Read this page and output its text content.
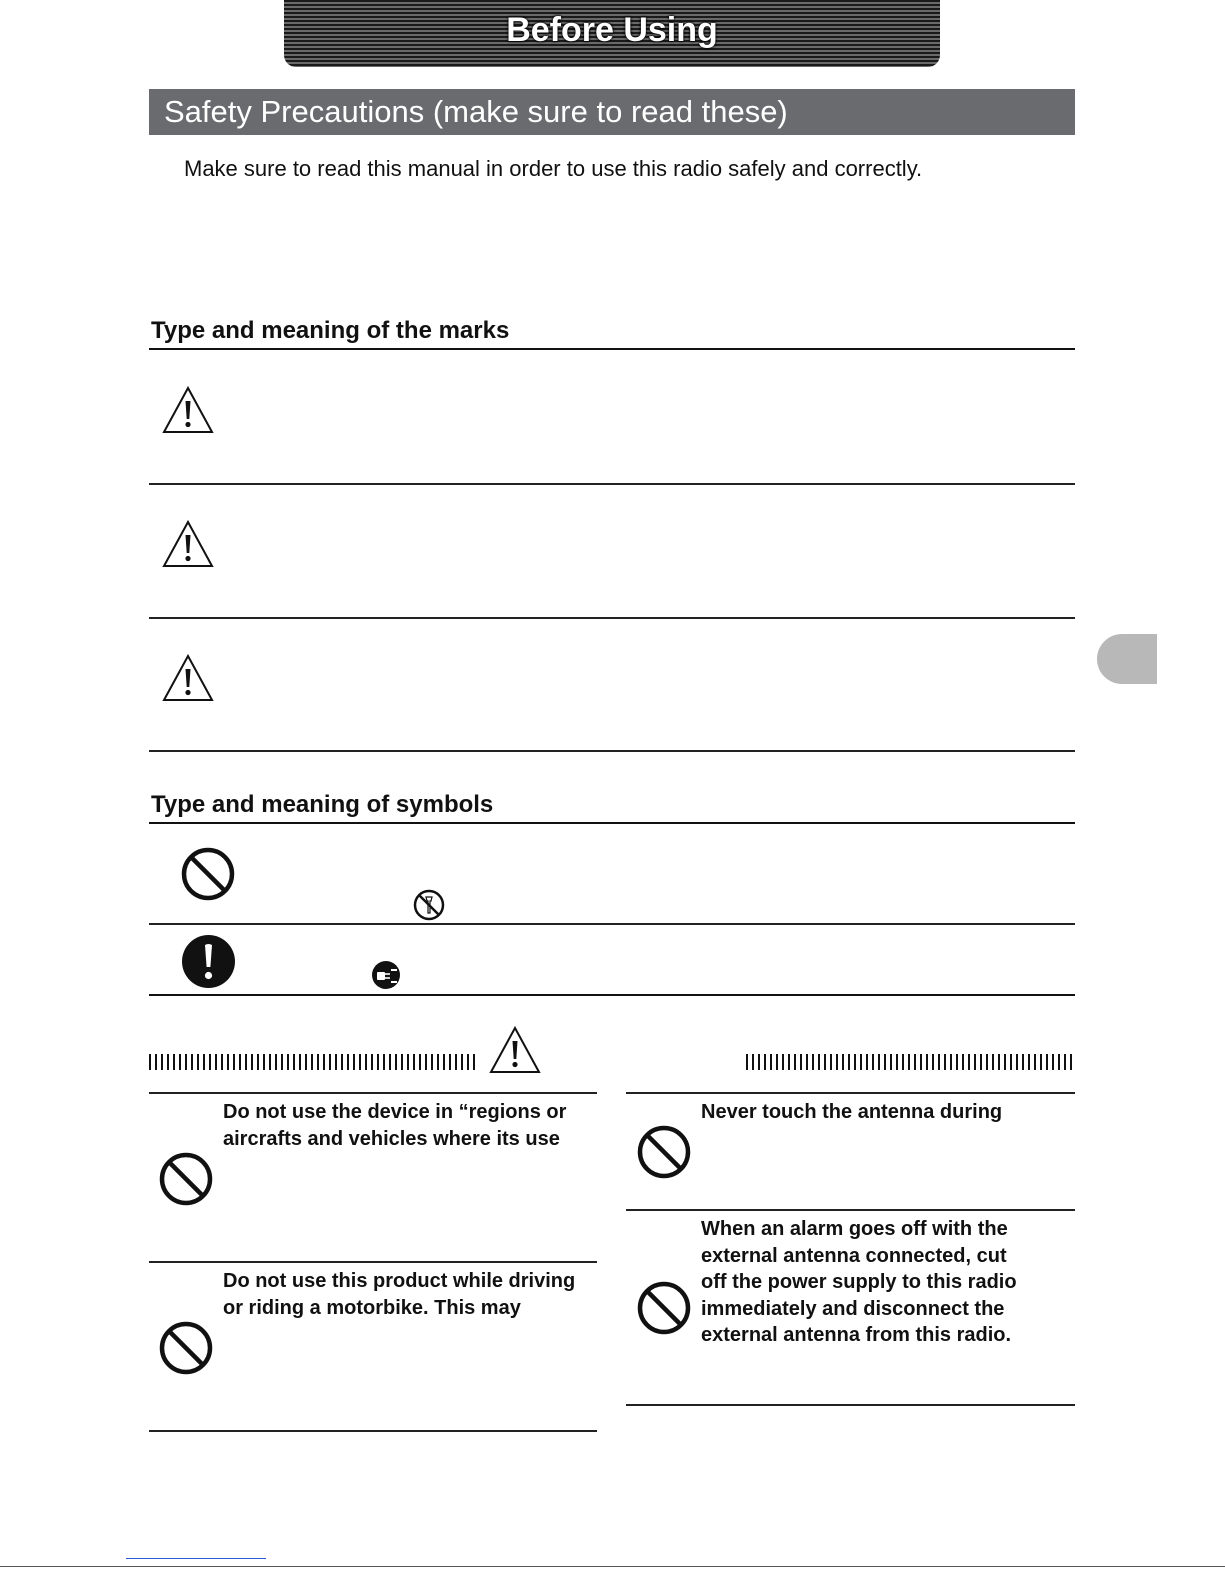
Before Using
Safety Precautions (make sure to read these)
Make sure to read this manual in order to use this radio safely and correctly.
Type and meaning of the marks
Type and meaning of symbols
Do not use the device in “regions or
aircrafts and vehicles where its use
Do not use this product while driving
or riding a motorbike. This may
Never touch the antenna during
When an alarm goes off with the
external antenna connected, cut
off the power supply to this radio
immediately and disconnect the
external antenna from this radio.
